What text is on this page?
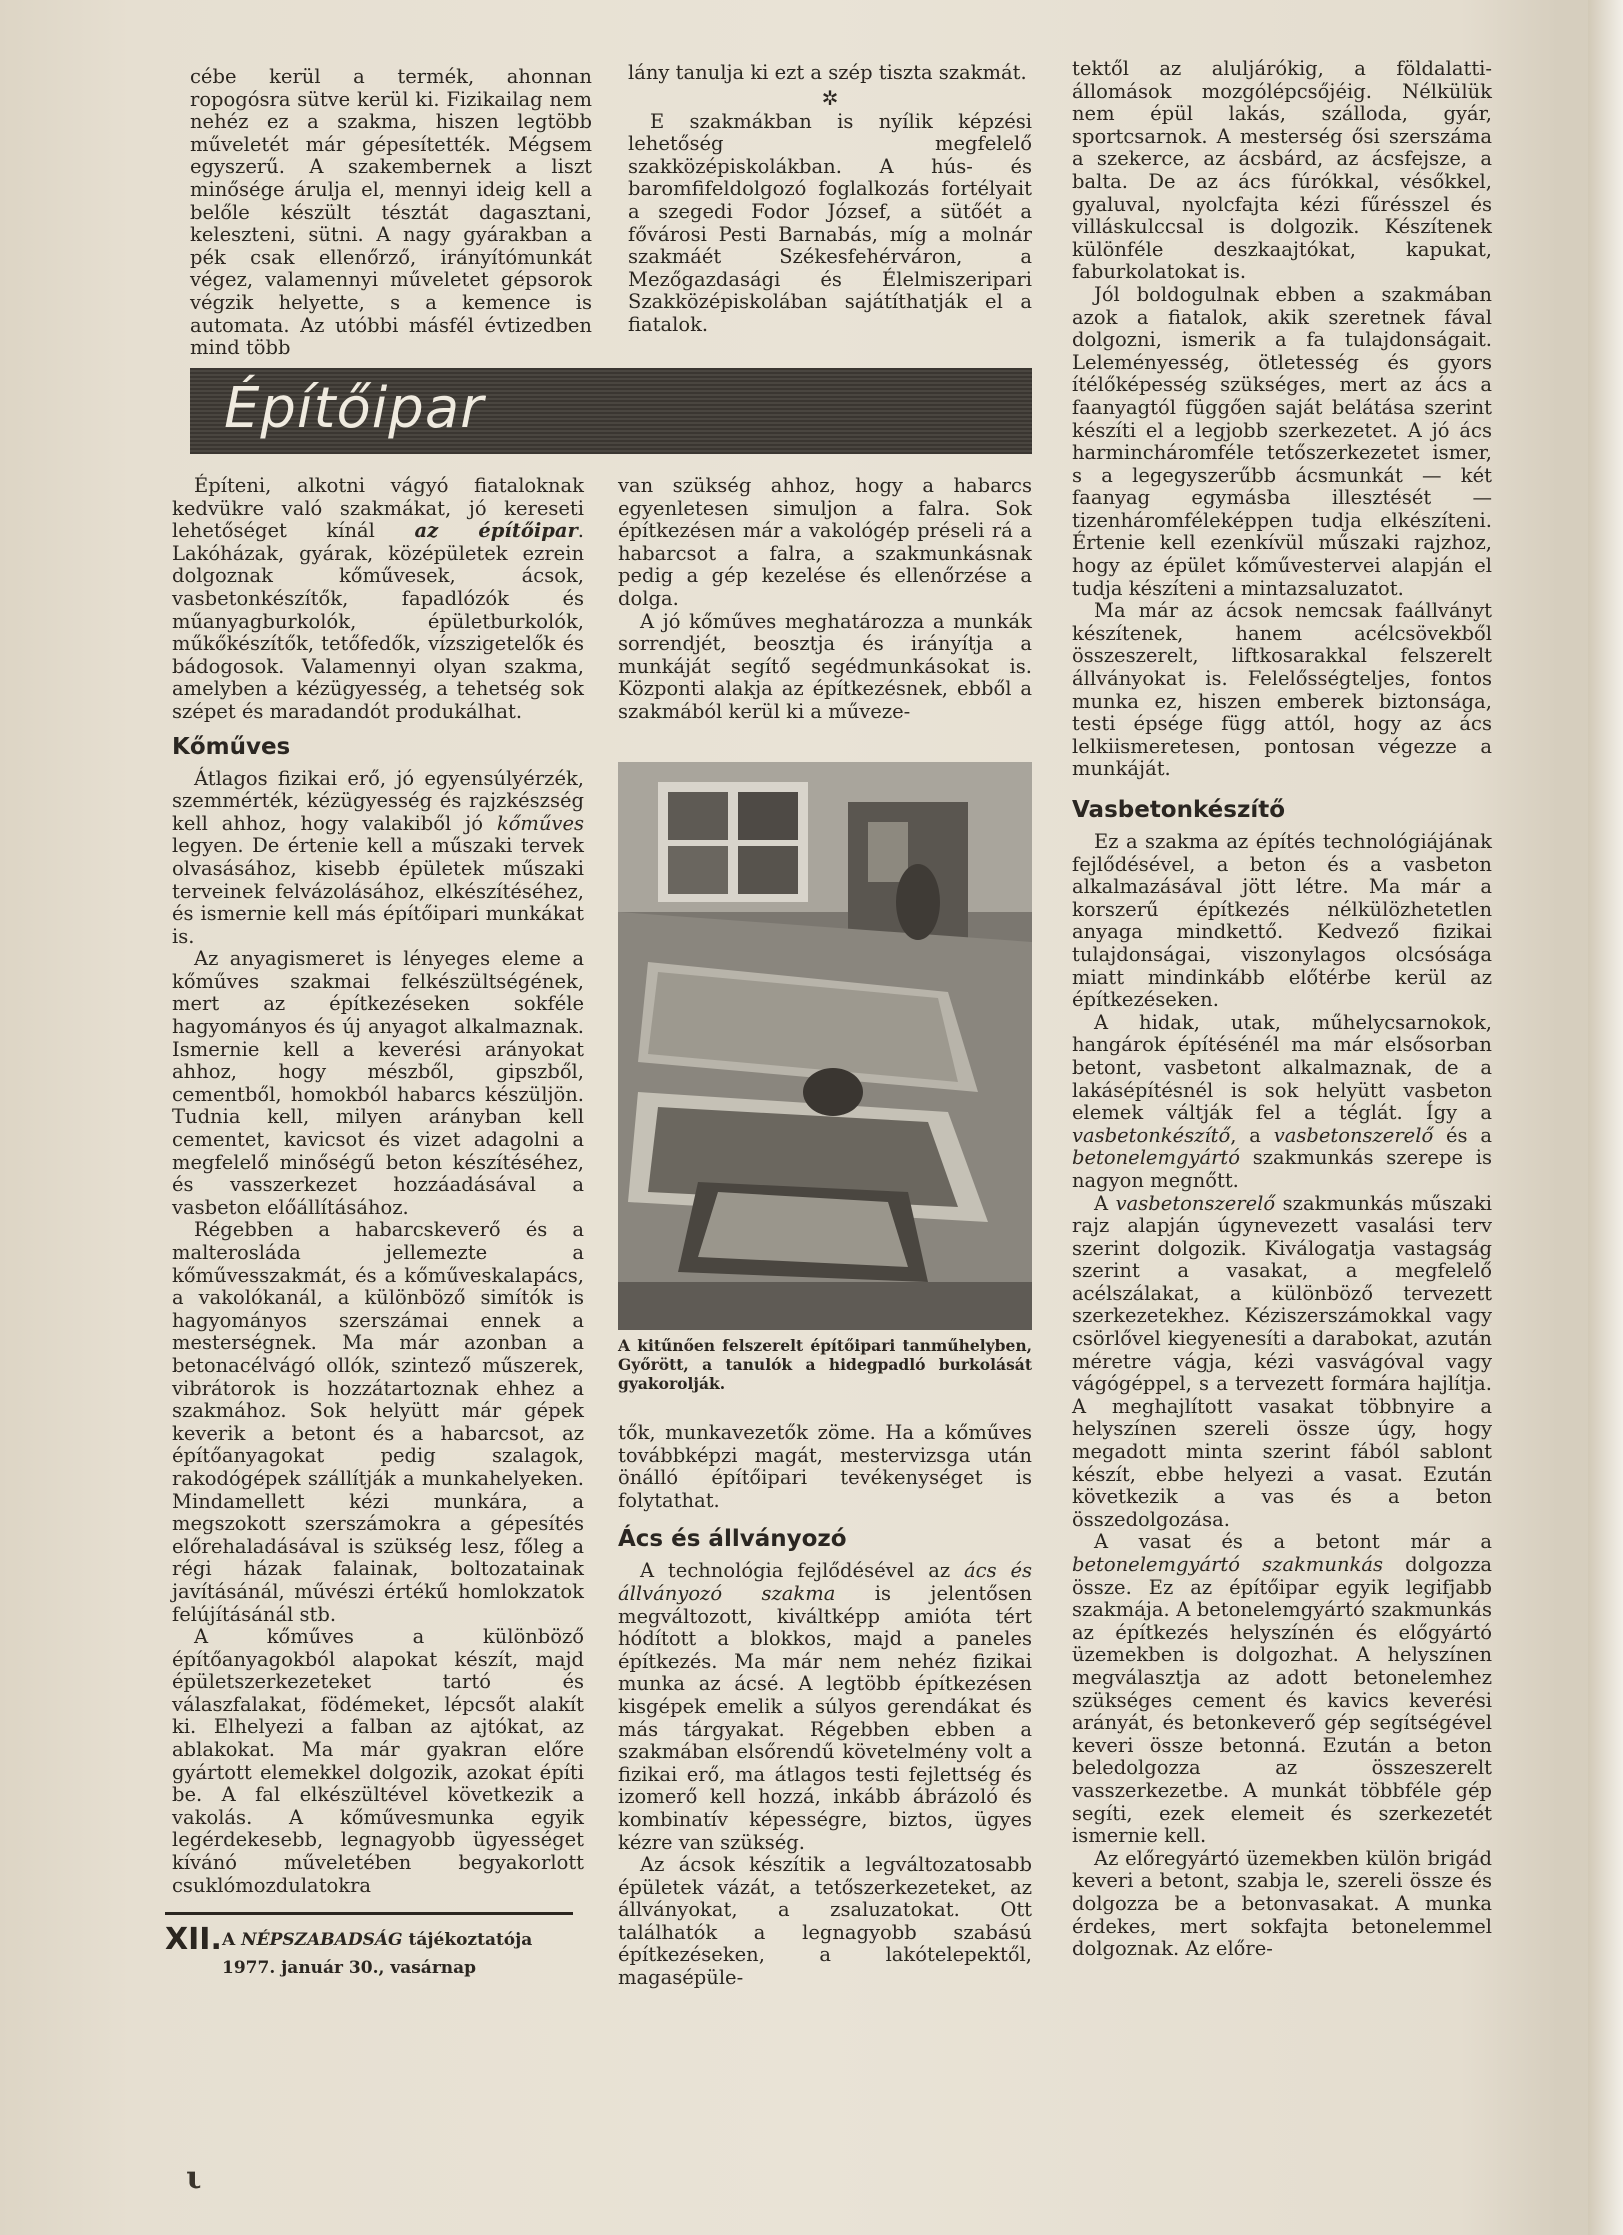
cébe kerül a termék, ahonnan ropogósra sütve kerül ki. Fizikailag nem nehéz ez a szakma, hiszen legtöbb műveletét már gépesítették. Mégsem egyszerű. A szakembernek a liszt minősége árulja el, mennyi ideig kell a belőle készült tésztát dagasztani, keleszteni, sütni. A nagy gyárakban a pék csak ellenőrző, irányítómunkát végez, valamennyi műveletet gépsorok végzik helyette, s a kemence is automata. Az utóbbi másfél évtizedben mind több

lány tanulja ki ezt a szép tiszta szakmát.

✲

E szakmákban is nyílik képzési lehetőség megfelelő szakközépiskolákban. A hús- és baromfifeldolgozó foglalkozás fortélyait a szegedi Fodor József, a sütőét a fővárosi Pesti Barnabás, míg a molnár szakmáét Székesfehérváron, a Mezőgazdasági és Élelmiszeripari Szakközépiskolában sajátíthatják el a fiatalok.

Építőipar

Építeni, alkotni vágyó fiataloknak kedvükre való szakmákat, jó kereseti lehetőséget kínál az építőipar. Lakóházak, gyárak, középületek ezrein dolgoznak kőművesek, ácsok, vasbetonkészítők, fapadlózók és műanyagburkolók, épületburkolók, műkőkészítők, tetőfedők, vízszigetelők és bádogosok. Valamennyi olyan szakma, amelyben a kézügyesség, a tehetség sok szépet és maradandót produkálhat.

Kőműves

Átlagos fizikai erő, jó egyensúlyérzék, szemmérték, kézügyesség és rajzkészség kell ahhoz, hogy valakiből jó kőműves legyen. De értenie kell a műszaki tervek olvasásához, kisebb épületek műszaki terveinek felvázolásához, elkészítéséhez, és ismernie kell más építőipari munkákat is.

Az anyagismeret is lényeges eleme a kőműves szakmai felkészültségének, mert az építkezéseken sokféle hagyományos és új anyagot alkalmaznak. Ismernie kell a keverési arányokat ahhoz, hogy mészből, gipszből, cementből, homokból habarcs készüljön. Tudnia kell, milyen arányban kell cementet, kavicsot és vizet adagolni a megfelelő minőségű beton készítéséhez, és vasszerkezet hozzáadásával a vasbeton előállításához.

Régebben a habarcskeverő és a malterosláda jellemezte a kőművesszakmát, és a kőműveskalapács, a vakolókanál, a különböző simítók is hagyományos szerszámai ennek a mesterségnek. Ma már azonban a betonacélvágó ollók, szintező műszerek, vibrátorok is hozzátartoznak ehhez a szakmához. Sok helyütt már gépek keverik a betont és a habarcsot, az építőanyagokat pedig szalagok, rakodógépek szállítják a munkahelyeken. Mindamellett kézi munkára, a megszokott szerszámokra a gépesítés előrehaladásával is szükség lesz, főleg a régi házak falainak, boltozatainak javításánál, művészi értékű homlokzatok felújításánál stb.

A kőműves a különböző építőanyagokból alapokat készít, majd épületszerkezeteket tartó és válaszfalakat, födémeket, lépcsőt alakít ki. Elhelyezi a falban az ajtókat, az ablakokat. Ma már gyakran előre gyártott elemekkel dolgozik, azokat építi be. A fal elkészültével következik a vakolás. A kőművesmunka egyik legérdekesebb, legnagyobb ügyességet kívánó műveletében begyakorlott csuklómozdulatokra

van szükség ahhoz, hogy a habarcs egyenletesen simuljon a falra. Sok építkezésen már a vakológép préseli rá a habarcsot a falra, a szakmunkásnak pedig a gép kezelése és ellenőrzése a dolga.

A jó kőműves meghatározza a munkák sorrendjét, beosztja és irányítja a munkáját segítő segédmunkásokat is. Központi alakja az építkezésnek, ebből a szakmából kerül ki a műveze-

A kitűnően felszerelt építőipari tanműhelyben, Győrött, a tanulók a hidegpadló burkolását gyakorolják.

tők, munkavezetők zöme. Ha a kőműves továbbképzi magát, mestervizsga után önálló építőipari tevékenységet is folytathat.

Ács és állványozó

A technológia fejlődésével az ács és állványozó szakma is jelentősen megváltozott, kiváltképp amióta tért hódított a blokkos, majd a paneles építkezés. Ma már nem nehéz fizikai munka az ácsé. A legtöbb építkezésen kisgépek emelik a súlyos gerendákat és más tárgyakat. Régebben ebben a szakmában elsőrendű követelmény volt a fizikai erő, ma átlagos testi fejlettség és izomerő kell hozzá, inkább ábrázoló és kombinatív képességre, biztos, ügyes kézre van szükség.

Az ácsok készítik a legváltozatosabb épületek vázát, a tetőszerkezeteket, az állványokat, a zsaluzatokat. Ott találhatók a legnagyobb szabású építkezéseken, a lakótelepektől, magasépüle-

tektől az aluljárókig, a földalatti-állomások mozgólépcsőjéig. Nélkülük nem épül lakás, szálloda, gyár, sportcsarnok. A mesterség ősi szerszáma a szekerce, az ácsbárd, az ácsfejsze, a balta. De az ács fúrókkal, vésőkkel, gyaluval, nyolcfajta kézi fűrésszel és villáskulccsal is dolgozik. Készítenek különféle deszkaajtókat, kapukat, faburkolatokat is.

Jól boldogulnak ebben a szakmában azok a fiatalok, akik szeretnek fával dolgozni, ismerik a fa tulajdonságait. Leleményesség, ötletesség és gyors ítélőképesség szükséges, mert az ács a faanyagtól függően saját belátása szerint készíti el a legjobb szerkezetet. A jó ács harmincháromféle tetőszerkezetet ismer, s a legegyszerűbb ácsmunkát — két faanyag egymásba illesztését — tizenháromféleképpen tudja elkészíteni. Értenie kell ezenkívül műszaki rajzhoz, hogy az épület kőművestervei alapján el tudja készíteni a mintazsaluzatot.

Ma már az ácsok nemcsak faállványt készítenek, hanem acélcsövekből összeszerelt, liftkosarakkal felszerelt állványokat is. Felelősségteljes, fontos munka ez, hiszen emberek biztonsága, testi épsége függ attól, hogy az ács lelkiismeretesen, pontosan végezze a munkáját.

Vasbetonkészítő

Ez a szakma az építés technológiájának fejlődésével, a beton és a vasbeton alkalmazásával jött létre. Ma már a korszerű építkezés nélkülözhetetlen anyaga mindkettő. Kedvező fizikai tulajdonságai, viszonylagos olcsósága miatt mindinkább előtérbe kerül az építkezéseken.

A hidak, utak, műhelycsarnokok, hangárok építésénél ma már elsősorban betont, vasbetont alkalmaznak, de a lakásépítésnél is sok helyütt vasbeton elemek váltják fel a téglát. Így a vasbetonkészítő, a vasbetonszerelő és a betonelemgyártó szakmunkás szerepe is nagyon megnőtt.

A vasbetonszerelő szakmunkás műszaki rajz alapján úgynevezett vasalási terv szerint dolgozik. Kiválogatja vastagság szerint a vasakat, a megfelelő acélszálakat, a különböző tervezett szerkezetekhez. Kéziszerszámokkal vagy csörlővel kiegyenesíti a darabokat, azután méretre vágja, kézi vasvágóval vagy vágógéppel, s a tervezett formára hajlítja. A meghajlított vasakat többnyire a helyszínen szereli össze úgy, hogy megadott minta szerint fából sablont készít, ebbe helyezi a vasat. Ezután következik a vas és a beton összedolgozása.

A vasat és a betont már a betonelemgyártó szakmunkás dolgozza össze. Ez az építőipar egyik legifjabb szakmája. A betonelemgyártó szakmunkás az építkezés helyszínén és előgyártó üzemekben is dolgozhat. A helyszínen megválasztja az adott betonelemhez szükséges cement és kavics keverési arányát, és betonkeverő gép segítségével keveri össze betonná. Ezután a beton beledolgozza az összeszerelt vasszerkezetbe. A munkát többféle gép segíti, ezek elemeit és szerkezetét ismernie kell.

Az előregyártó üzemekben külön brigád keveri a betont, szabja le, szereli össze és dolgozza be a betonvasakat. A munka érdekes, mert sokfajta betonelemmel dolgoznak. Az előre-

XII. A NÉPSZABADSÁG tájékoztatója
1977. január 30., vasárnap
ι
